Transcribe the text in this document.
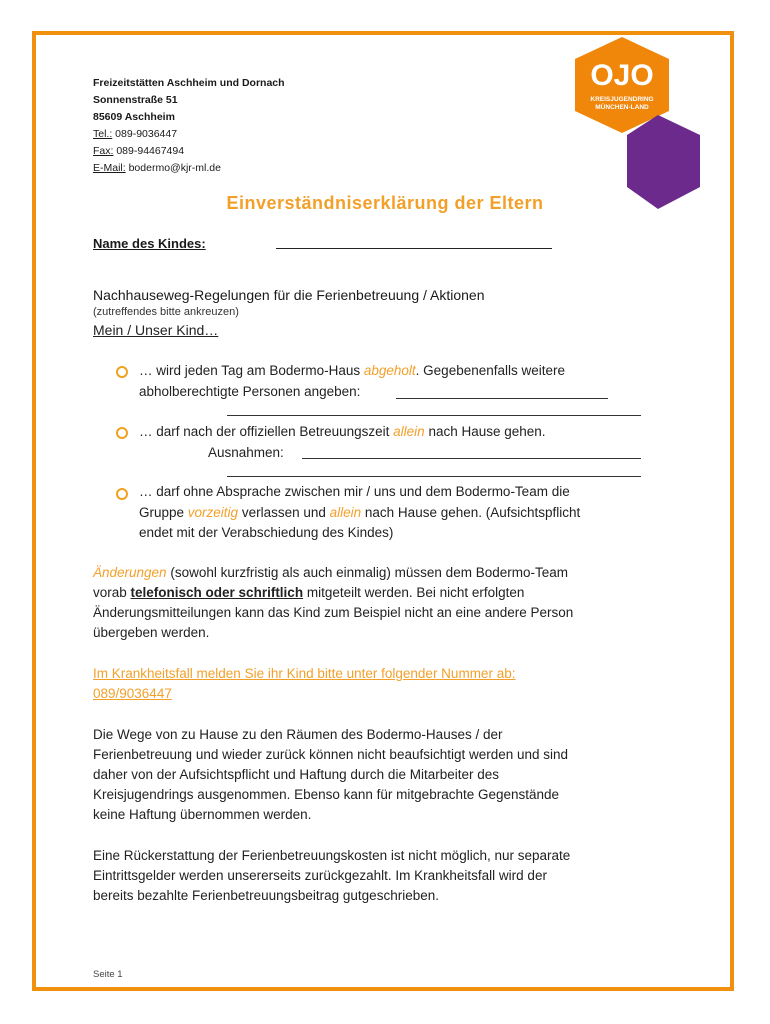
Freizeitstätten Aschheim und Dornach
Sonnenstraße 51
85609 Aschheim
Tel.: 089-9036447
Fax: 089-94467494
E-Mail: bodermo@kjr-ml.de
OJO
KREISJUGENDRING
MÜNCHEN-LAND
Einverständniserklärung der Eltern
Name des Kindes:
Nachhauseweg-Regelungen für die Ferienbetreuung / Aktionen
(zutreffendes bitte ankreuzen)
Mein / Unser Kind…
… wird jeden Tag am Bodermo-Haus abgeholt. Gegebenenfalls weitere
abholberechtigte Personen angeben:
… darf nach der offiziellen Betreuungszeit allein nach Hause gehen.
Ausnahmen:
… darf ohne Absprache zwischen mir / uns und dem Bodermo-Team die
Gruppe vorzeitig verlassen und allein nach Hause gehen. (Aufsichtspflicht
endet mit der Verabschiedung des Kindes)
Änderungen (sowohl kurzfristig als auch einmalig) müssen dem Bodermo-Team
vorab telefonisch oder schriftlich mitgeteilt werden. Bei nicht erfolgten
Änderungsmitteilungen kann das Kind zum Beispiel nicht an eine andere Person
übergeben werden.
Im Krankheitsfall melden Sie ihr Kind bitte unter folgender Nummer ab:
089/9036447
Die Wege von zu Hause zu den Räumen des Bodermo-Hauses / der
Ferienbetreuung und wieder zurück können nicht beaufsichtigt werden und sind
daher von der Aufsichtspflicht und Haftung durch die Mitarbeiter des
Kreisjugendrings ausgenommen. Ebenso kann für mitgebrachte Gegenstände
keine Haftung übernommen werden.
Eine Rückerstattung der Ferienbetreuungskosten ist nicht möglich, nur separate
Eintrittsgelder werden unsererseits zurückgezahlt. Im Krankheitsfall wird der
bereits bezahlte Ferienbetreuungsbeitrag gutgeschrieben.
Seite 1
